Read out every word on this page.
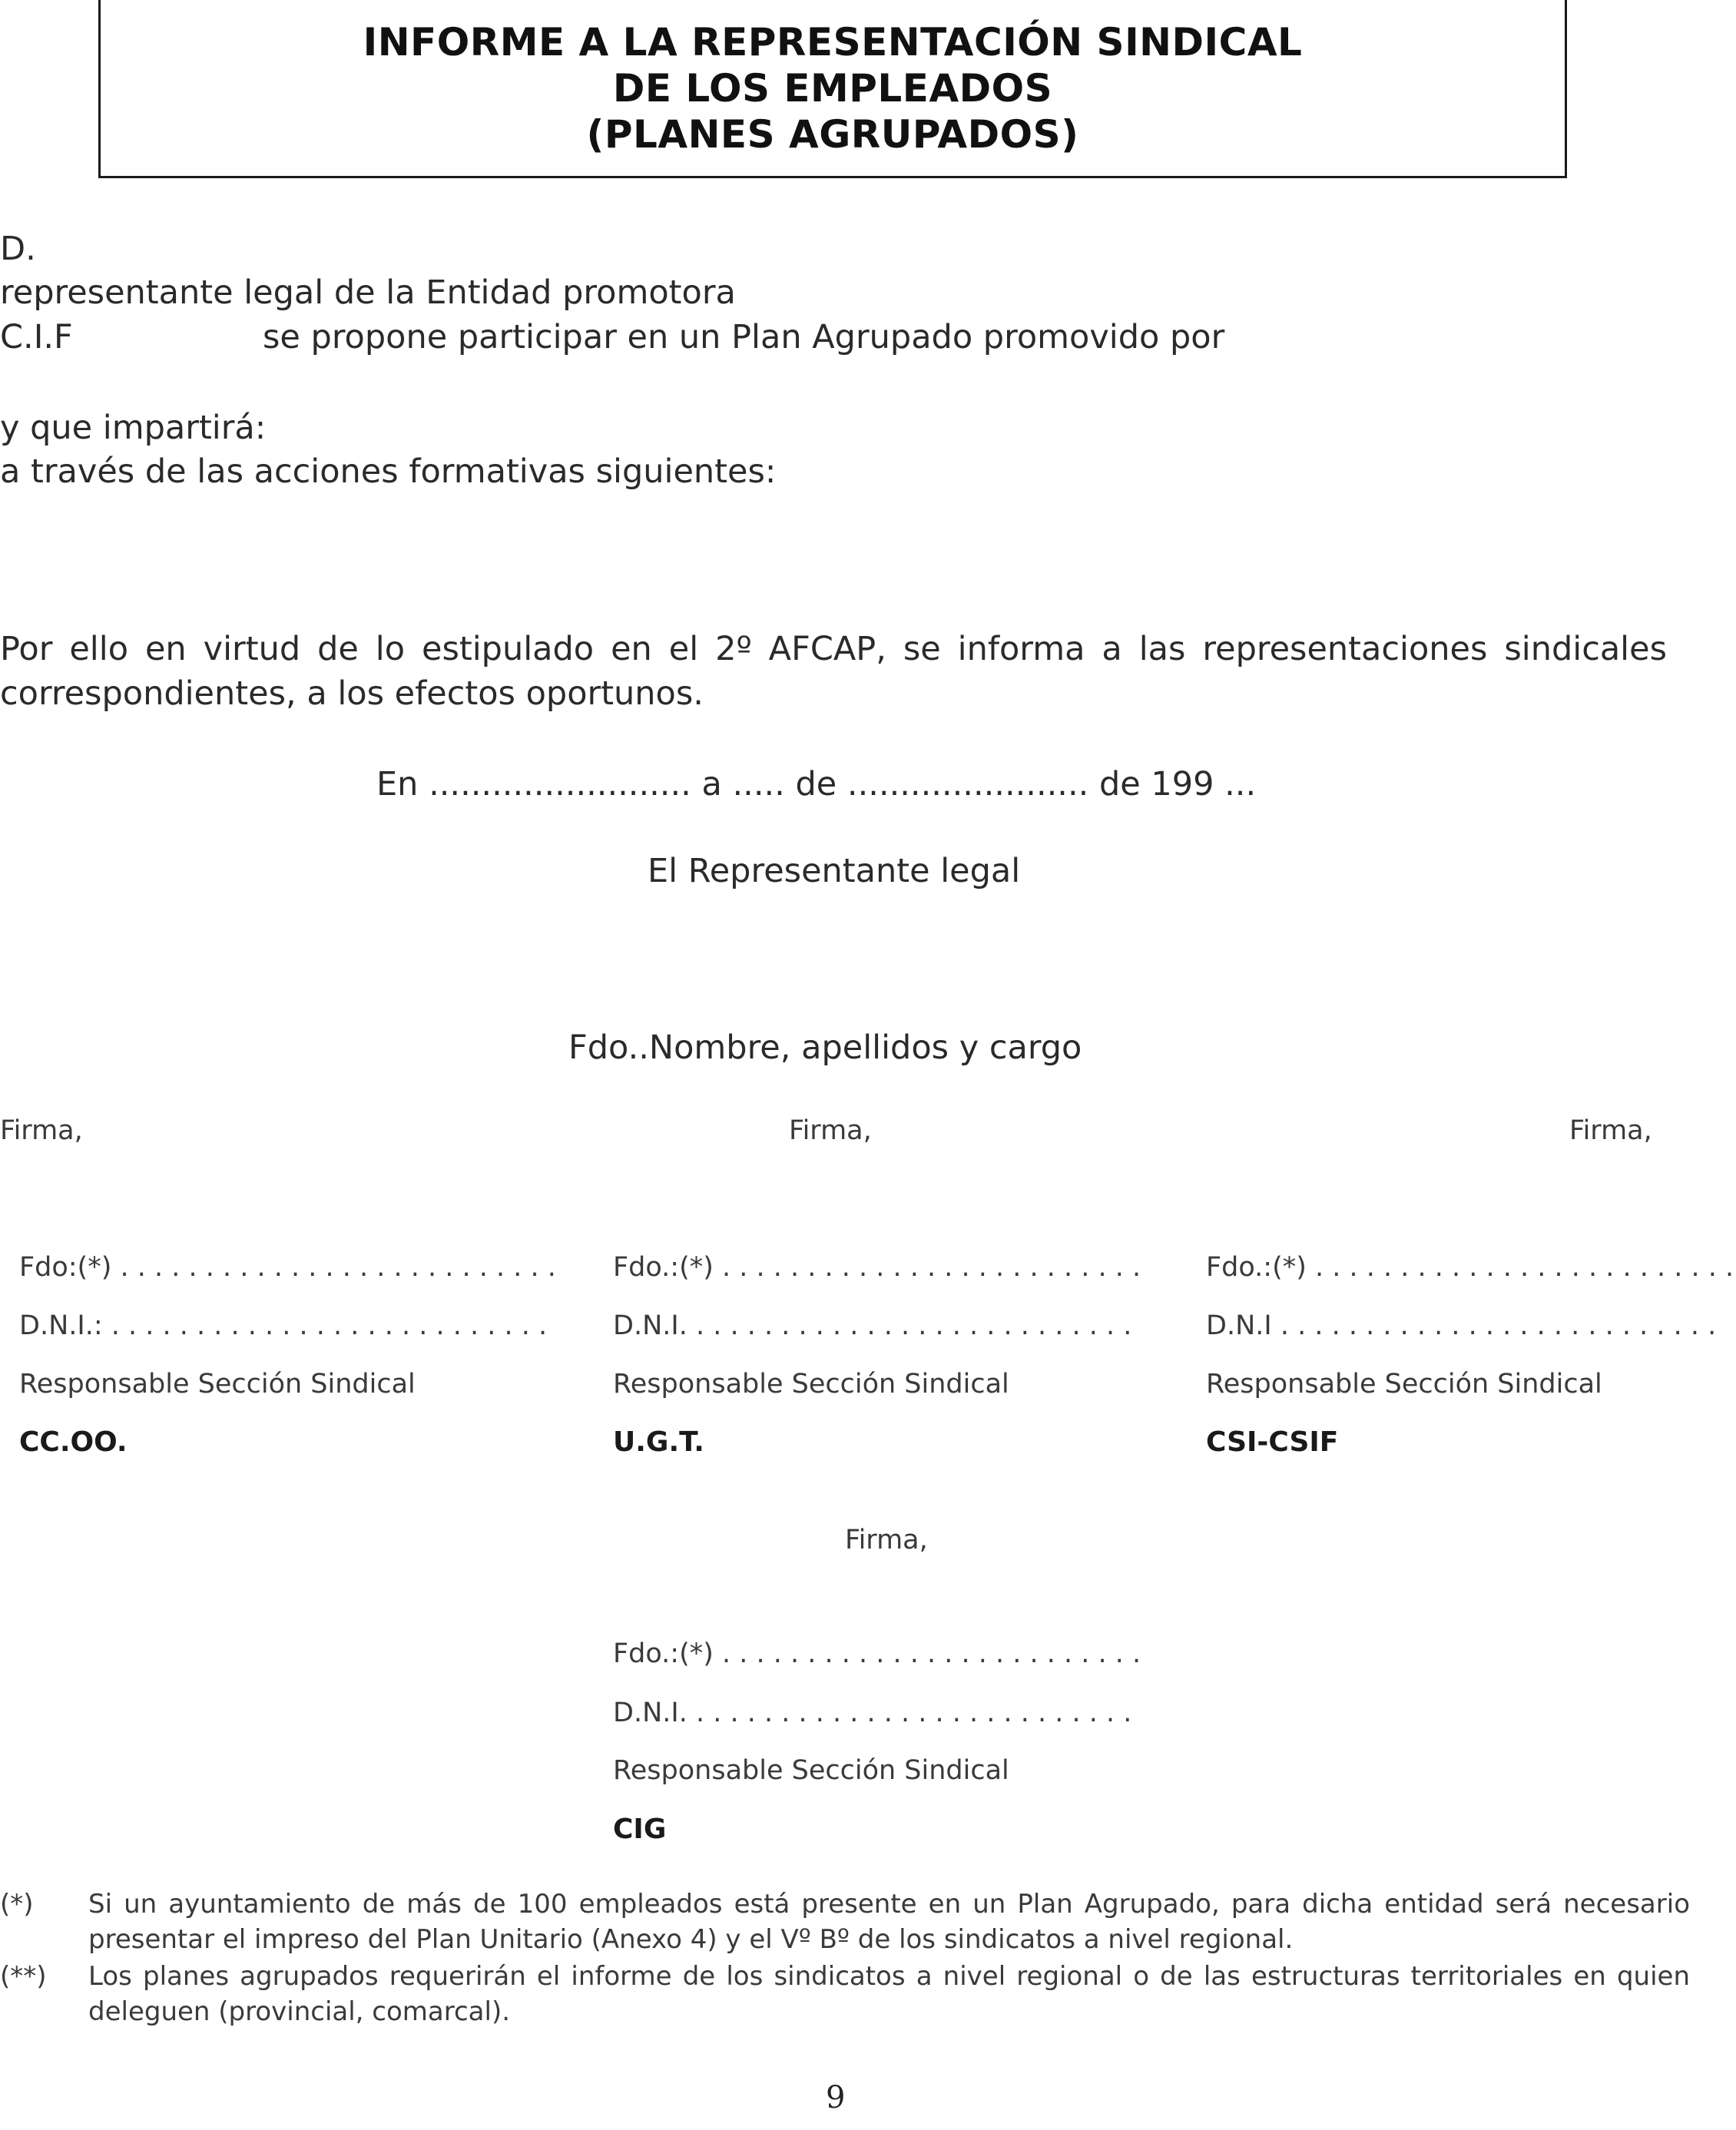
INFORME A LA REPRESENTACIÓN SINDICAL
DE LOS EMPLEADOS
(PLANES AGRUPADOS)
D.
representante legal de la Entidad promotora
C.I.F	se propone participar en un Plan Agrupado promovido por
y que impartirá:
a través de las acciones formativas siguientes:
Por ello en virtud de lo estipulado en el 2º AFCAP, se informa a las representaciones sindicales correspondientes, a los efectos oportunos.
En ......................... a ..... de ....................... de 199 ...
El Representante legal
Fdo..Nombre, apellidos y cargo
Firma,	Firma,	Firma,
Fdo:(*) . . . . . . . . . . . . . . . . . . . . . . . . . .
D.N.I.: . . . . . . . . . . . . . . . . . . . . . . . . . .
Responsable Sección Sindical
CC.OO.
Fdo.:(*) . . . . . . . . . . . . . . . . . . . . . . . . .
D.N.I. . . . . . . . . . . . . . . . . . . . . . . . . . .
Responsable Sección Sindical
U.G.T.
Fdo.:(*) . . . . . . . . . . . . . . . . . . . . . . . . .
D.N.I . . . . . . . . . . . . . . . . . . . . . . . . . .
Responsable Sección Sindical
CSI-CSIF
Firma,
Fdo.:(*) . . . . . . . . . . . . . . . . . . . . . . . . .
D.N.I. . . . . . . . . . . . . . . . . . . . . . . . . . .
Responsable Sección Sindical
CIG
(*)	Si un ayuntamiento de más de 100 empleados está presente en un Plan Agrupado, para dicha entidad será necesario presentar el impreso del Plan Unitario (Anexo 4) y el Vº Bº de los sindicatos a nivel regional.
(**)	Los planes agrupados requerirán el informe de los sindicatos a nivel regional o de las estructuras territoriales en quien deleguen (provincial, comarcal).
9
